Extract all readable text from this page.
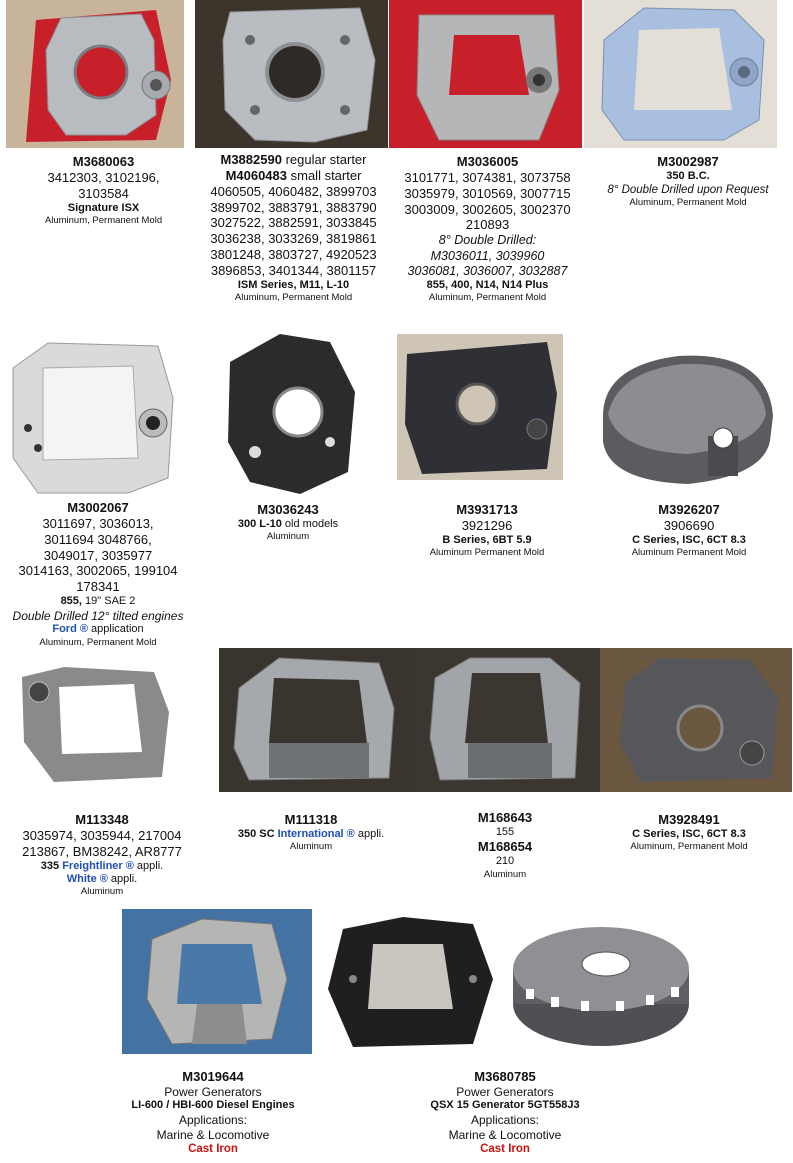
M3680063
3412303, 3102196,
3103584
Signature ISX
Aluminum, Permanent Mold
M3882590 regular starter
M4060483 small starter
4060505, 4060482, 3899703
3899702, 3883791, 3883790
3027522, 3882591, 3033845
3036238, 3033269, 3819861
3801248, 3803727, 4920523
3896853, 3401344, 3801157
ISM Series, M11, L-10
Aluminum, Permanent Mold
M3036005
3101771, 3074381, 3073758
3035979, 3010569, 3007715
3003009, 3002605, 3002370
210893
8° Double Drilled:
M3036011, 3039960
3036081, 3036007, 3032887
855, 400, N14, N14 Plus
Aluminum, Permanent Mold
M3002987
350 B.C.
8° Double Drilled upon Request
Aluminum, Permanent Mold
M3002067
3011697, 3036013,
3011694 3048766,
3049017, 3035977
3014163, 3002065, 199104
178341
855, 19" SAE 2
Double Drilled 12° tilted engines
Ford ® application
Aluminum, Permanent Mold
M3036243
300 L-10 old models
Aluminum
M3931713
3921296
B Series, 6BT 5.9
Aluminum Permanent Mold
M3926207
3906690
C Series, ISC, 6CT 8.3
Aluminum Permanent Mold
M113348
3035974, 3035944, 217004
213867, BM38242, AR8777
335 Freightliner ® appli.
White ® appli.
Aluminum
M111318
350 SC International ® appli.
Aluminum
M168643
155
M168654
210
Aluminum
M3928491
C Series, ISC, 6CT 8.3
Aluminum, Permanent Mold
M3019644
Power Generators
LI-600 / HBI-600 Diesel Engines
Applications:
Marine & Locomotive
Cast Iron
M3680785
Power Generators
QSX 15 Generator 5GT558J3
Applications:
Marine & Locomotive
Cast Iron
